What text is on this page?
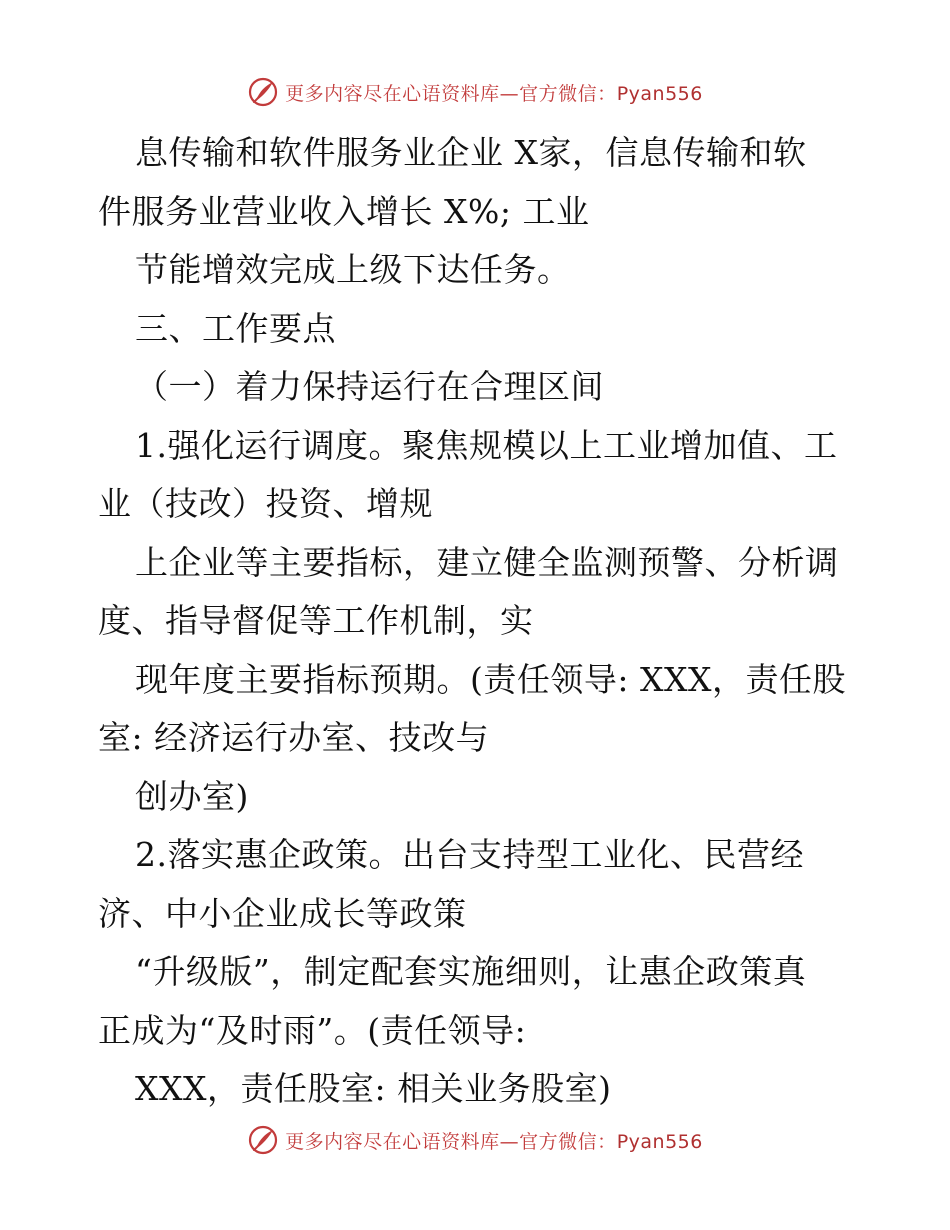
更多内容尽在心语资料库—官方微信：Pyan556
息传输和软件服务业企业 X家，信息传输和软
件服务业营业收入增长 X%; 工业
节能增效完成上级下达任务。
三、工作要点
（一）着力保持运行在合理区间
1.强化运行调度。聚焦规模以上工业增加值、工
业（技改）投资、增规
上企业等主要指标，建立健全监测预警、分析调
度、指导督促等工作机制，实
现年度主要指标预期。(责任领导: XXX，责任股
室: 经济运行办室、技改与
创办室)
2.落实惠企政策。出台支持型工业化、民营经
济、中小企业成长等政策
“升级版”，制定配套实施细则，让惠企政策真
正成为“及时雨”。(责任领导:
XXX，责任股室: 相关业务股室)
更多内容尽在心语资料库—官方微信：Pyan556
